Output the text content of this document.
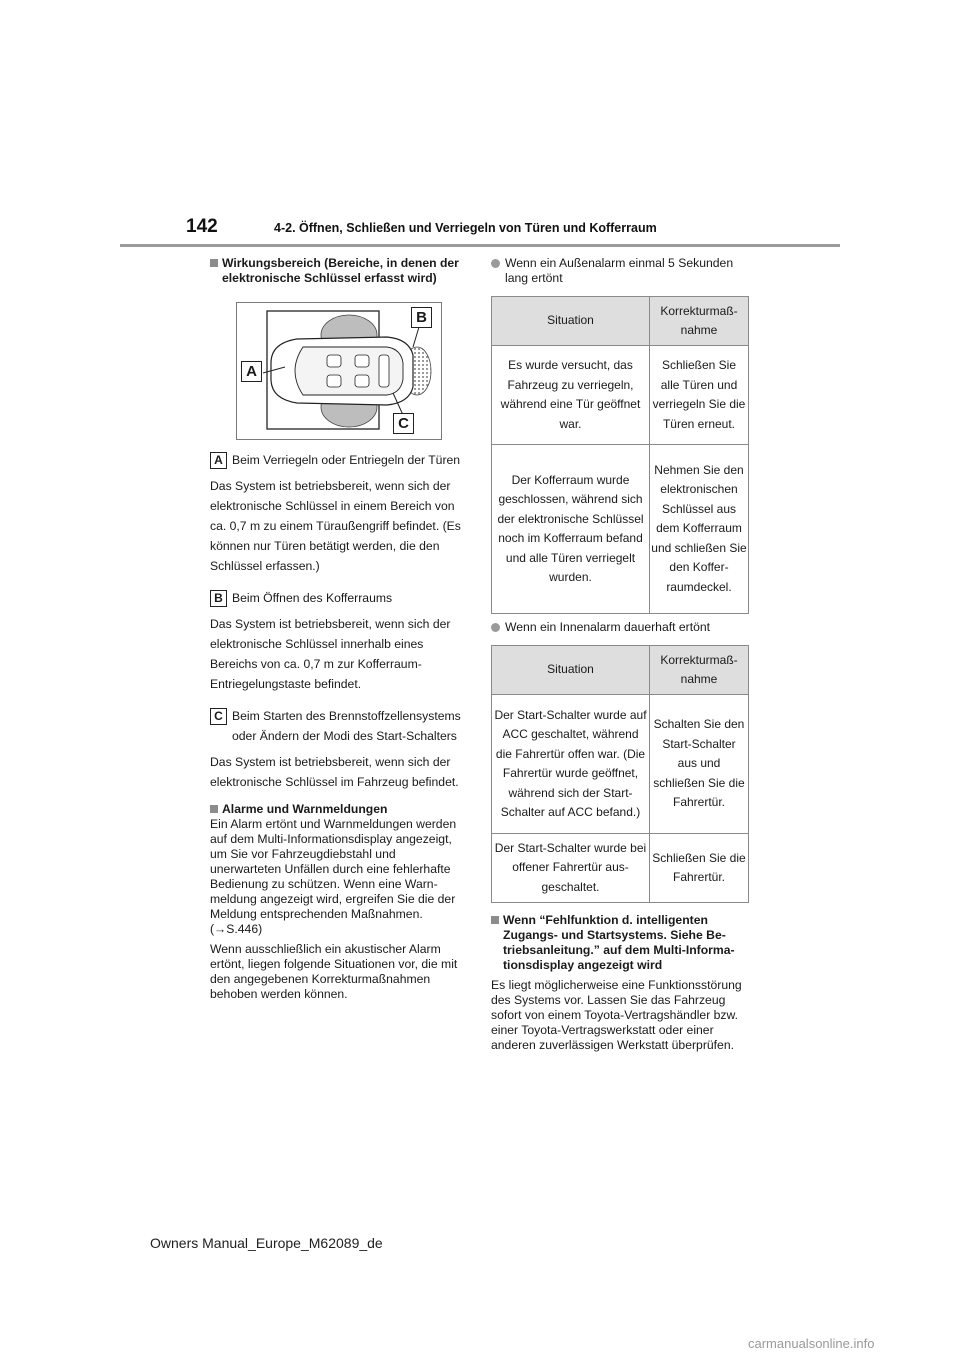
142	4-2. Öffnen, Schließen und Verriegeln von Türen und Kofferraum
Wirkungsbereich (Bereiche, in denen der elektronische Schlüssel erfasst wird)
A
B
C
A Beim Verriegeln oder Entriegeln der Türen

Das System ist betriebsbereit, wenn sich der elektronische Schlüssel in einem Bereich von ca. 0,7 m zu einem Türaußengriff befindet. (Es können nur Türen betätigt werden, die den Schlüssel erfassen.)

B Beim Öffnen des Kofferraums

Das System ist betriebsbereit, wenn sich der elektronische Schlüssel innerhalb eines Bereichs von ca. 0,7 m zur Kofferraum-Entriegelungstaste befindet.

C Beim Starten des Brennstoffzellensystems oder Ändern der Modi des Start-Schalters

Das System ist betriebsbereit, wenn sich der elektronische Schlüssel im Fahrzeug befindet.

Alarme und Warnmeldungen

Ein Alarm ertönt und Warnmeldungen werden auf dem Multi-Informationsdisplay angezeigt, um Sie vor Fahrzeugdiebstahl und unerwarteten Unfällen durch eine fehlerhafte Bedienung zu schützen. Wenn eine Warnmeldung angezeigt wird, ergreifen Sie die der Meldung entsprechenden Maßnahmen. (→S.446)

Wenn ausschließlich ein akustischer Alarm ertönt, liegen folgende Situationen vor, die mit den angegebenen Korrekturmaßnahmen behoben werden können.

Wenn ein Außenalarm einmal 5 Sekunden lang ertönt
Situation	Korrekturmaßnahme
Es wurde versucht, das Fahrzeug zu verriegeln, während eine Tür geöffnet war.	Schließen Sie alle Türen und verriegeln Sie die Türen erneut.
Der Kofferraum wurde geschlossen, während sich der elektronische Schlüssel noch im Kofferraum befand und alle Türen verriegelt wurden.	Nehmen Sie den elektronischen Schlüssel aus dem Kofferraum und schließen Sie den Kofferraumdeckel.
Wenn ein Innenalarm dauerhaft ertönt
Situation	Korrekturmaßnahme
Der Start-Schalter wurde auf ACC geschaltet, während die Fahrertür offen war. (Die Fahrertür wurde geöffnet, während sich der Start-Schalter auf ACC befand.)	Schalten Sie den Start-Schalter aus und schließen Sie die Fahrertür.
Der Start-Schalter wurde bei offener Fahrertür ausgeschaltet.	Schließen Sie die Fahrertür.
Wenn “Fehlfunktion d. intelligenten Zugangs- und Startsystems. Siehe Betriebsanleitung.” auf dem Multi-Informationsdisplay angezeigt wird

Es liegt möglicherweise eine Funktionsstörung des Systems vor. Lassen Sie das Fahrzeug sofort von einem Toyota-Vertragshändler bzw. einer Toyota-Vertragswerkstatt oder einer anderen zuverlässigen Werkstatt überprüfen.

Owners Manual_Europe_M62089_de
carmanualsonline.info
